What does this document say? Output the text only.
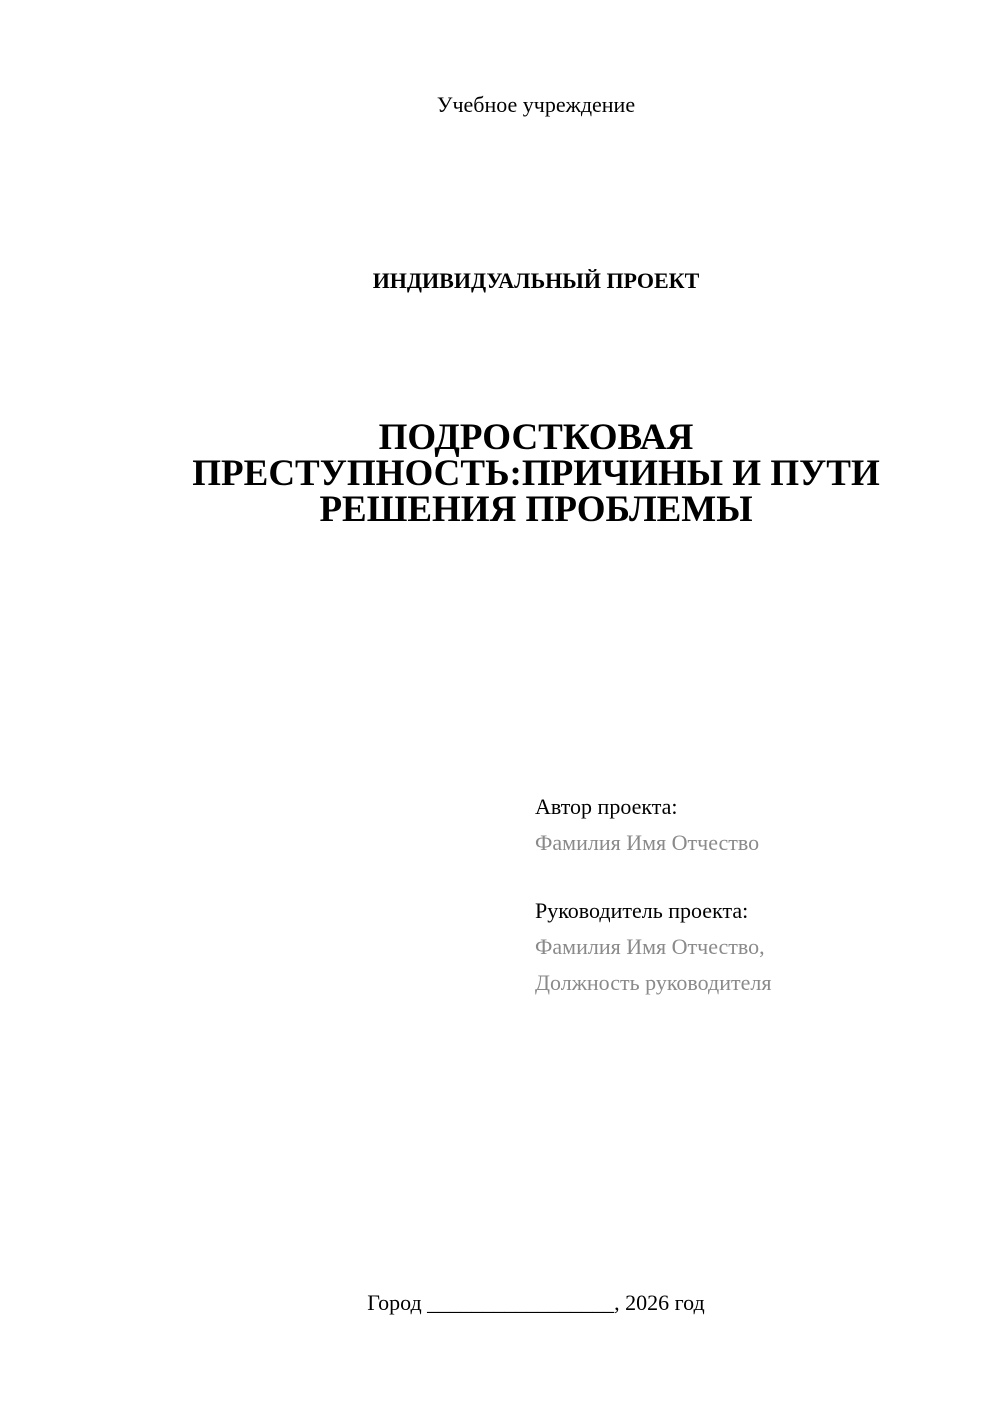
Учебное учреждение
ИНДИВИДУАЛЬНЫЙ ПРОЕКТ
ПОДРОСТКОВАЯ
ПРЕСТУПНОСТЬ:ПРИЧИНЫ И ПУТИ
РЕШЕНИЯ ПРОБЛЕМЫ
Автор проекта:
Фамилия Имя Отчество
Руководитель проекта:
Фамилия Имя Отчество,
Должность руководителя
Город _________________, 2026 год
